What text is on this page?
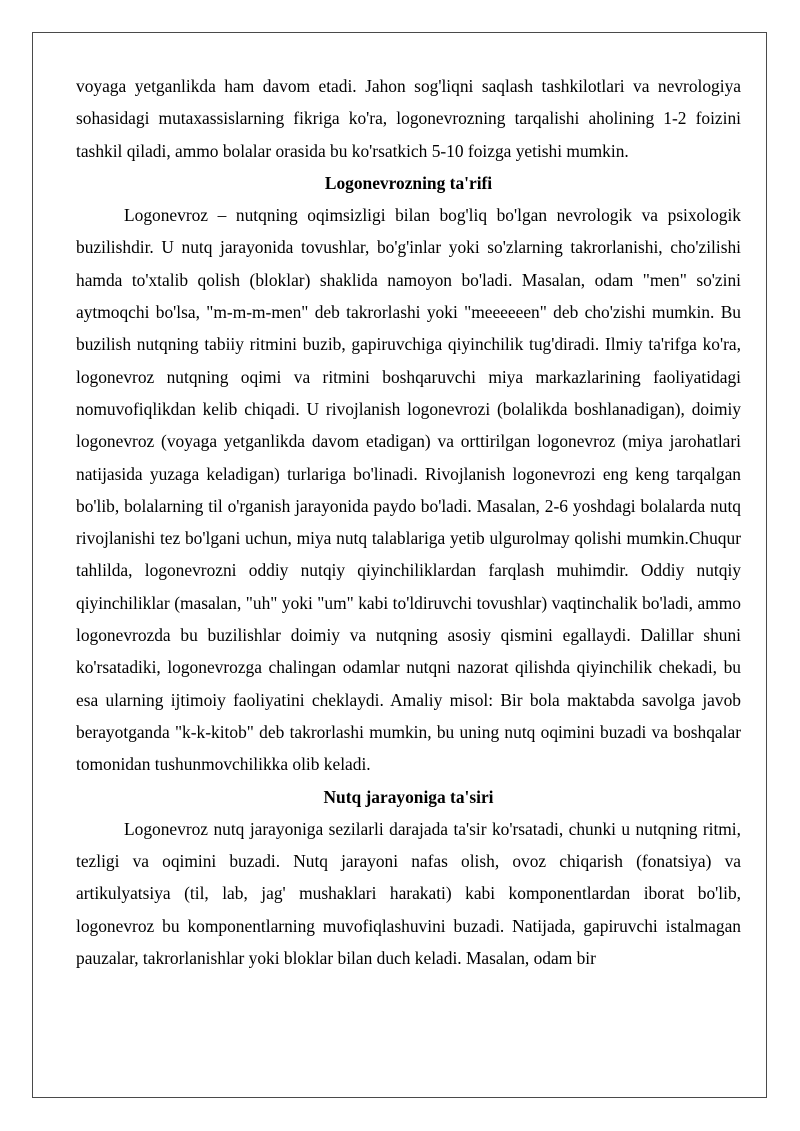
voyaga yetganlikda ham davom etadi. Jahon sog'liqni saqlash tashkilotlari va nevrologiya sohasidagi mutaxassislarning fikriga ko'ra, logonevrozning tarqalishi aholining 1-2 foizini tashkil qiladi, ammo bolalar orasida bu ko'rsatkich 5-10 foizga yetishi mumkin.

Logonevrozning ta'rifi

Logonevroz – nutqning oqimsizligi bilan bog'liq bo'lgan nevrologik va psixologik buzilishdir. U nutq jarayonida tovushlar, bo'g'inlar yoki so'zlarning takrorlanishi, cho'zilishi hamda to'xtalib qolish (bloklar) shaklida namoyon bo'ladi. Masalan, odam "men" so'zini aytmoqchi bo'lsa, "m-m-m-men" deb takrorlashi yoki "meeeeeen" deb cho'zishi mumkin. Bu buzilish nutqning tabiiy ritmini buzib, gapiruvchiga qiyinchilik tug'diradi. Ilmiy ta'rifga ko'ra, logonevroz nutqning oqimi va ritmini boshqaruvchi miya markazlarining faoliyatidagi nomuvofiqlikdan kelib chiqadi. U rivojlanish logonevrozi (bolalikda boshlanadigan), doimiy logonevroz (voyaga yetganlikda davom etadigan) va orttirilgan logonevroz (miya jarohatlari natijasida yuzaga keladigan) turlariga bo'linadi. Rivojlanish logonevrozi eng keng tarqalgan bo'lib, bolalarning til o'rganish jarayonida paydo bo'ladi. Masalan, 2-6 yoshdagi bolalarda nutq rivojlanishi tez bo'lgani uchun, miya nutq talablariga yetib ulgurolmay qolishi mumkin.Chuqur tahlilda, logonevrozni oddiy nutqiy qiyinchiliklardan farqlash muhimdir. Oddiy nutqiy qiyinchiliklar (masalan, "uh" yoki "um" kabi to'ldiruvchi tovushlar) vaqtinchalik bo'ladi, ammo logonevrozda bu buzilishlar doimiy va nutqning asosiy qismini egallaydi. Dalillar shuni ko'rsatadiki, logonevrozga chalingan odamlar nutqni nazorat qilishda qiyinchilik chekadi, bu esa ularning ijtimoiy faoliyatini cheklaydi. Amaliy misol: Bir bola maktabda savolga javob berayotganda "k-k-kitob" deb takrorlashi mumkin, bu uning nutq oqimini buzadi va boshqalar tomonidan tushunmovchilikka olib keladi.

Nutq jarayoniga ta'siri

Logonevroz nutq jarayoniga sezilarli darajada ta'sir ko'rsatadi, chunki u nutqning ritmi, tezligi va oqimini buzadi. Nutq jarayoni nafas olish, ovoz chiqarish (fonatsiya) va artikulyatsiya (til, lab, jag' mushaklari harakati) kabi komponentlardan iborat bo'lib, logonevroz bu komponentlarning muvofiqlashuvini buzadi. Natijada, gapiruvchi istalmagan pauzalar, takrorlanishlar yoki bloklar bilan duch keladi. Masalan, odam bir
